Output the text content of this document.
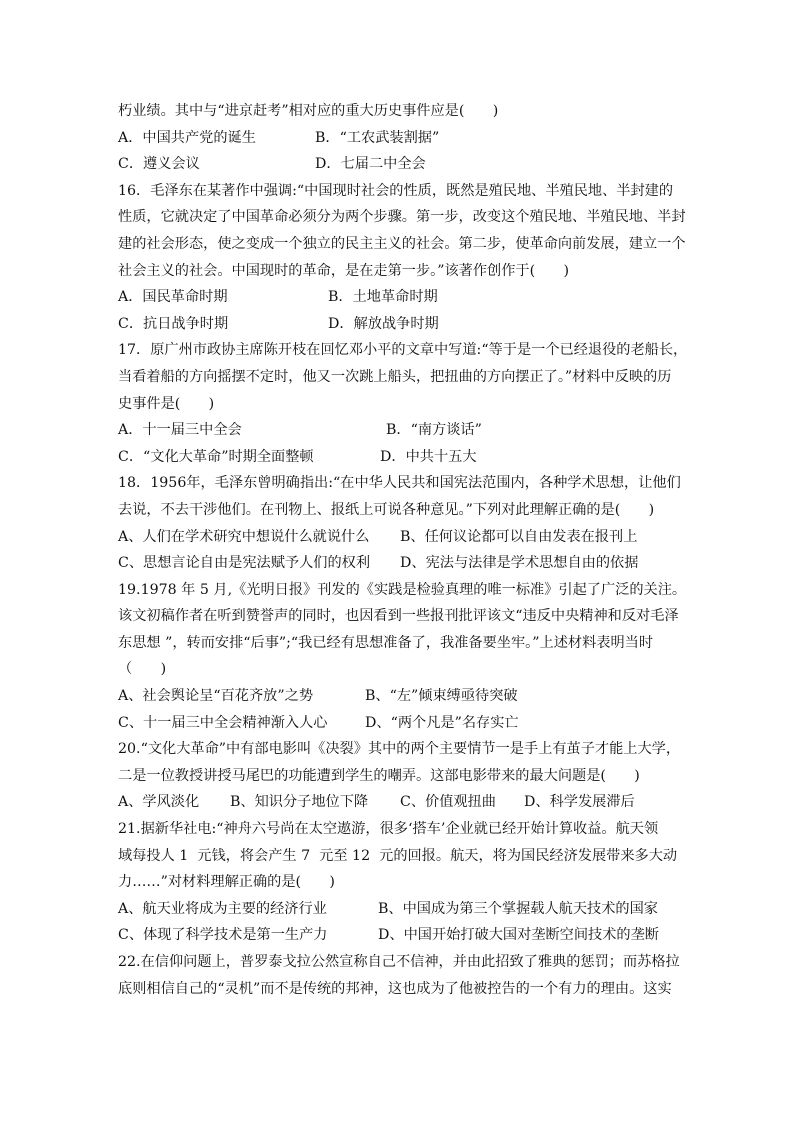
朽业绩。其中与“进京赶考”相对应的重大历史事件应是(　　)

A．中国共产党的诞生

	B．“工农武装割据”

C．遵义会议

	D．七届二中全会

16．毛泽东在某著作中强调:“中国现时社会的性质，既然是殖民地、半殖民地、半封建的
性质，它就决定了中国革命必须分为两个步骤。第一步，改变这个殖民地、半殖民地、半封
建的社会形态，使之变成一个独立的民主主义的社会。第二步，使革命向前发展，建立一个
社会主义的社会。中国现时的革命，是在走第一步。”该著作创作于(　　)

A．国民革命时期

	B．土地革命时期

C．抗日战争时期

	D．解放战争时期

17．原广州市政协主席陈开枝在回忆邓小平的文章中写道:“等于是一个已经退役的老船长，
当看着船的方向摇摆不定时，他又一次跳上船头，把扭曲的方向摆正了。”材料中反映的历
史事件是(　　)

A．十一届三中全会

	B．“南方谈话”

C．“文化大革命”时期全面整顿

	D．中共十五大

18．1956年，毛泽东曾明确指出:“在中华人民共和国宪法范围内，各种学术思想，让他们
去说，不去干涉他们。在刊物上、报纸上可说各种意见。”下列对此理解正确的是(　　)

A、人们在学术研究中想说什么就说什么

B、任何议论都可以自由发表在报刊上

C、思想言论自由是宪法赋予人们的权利

D、宪法与法律是学术思想自由的依据

19.1978 年 5 月,《光明日报》刊发的《实践是检验真理的唯一标准》引起了广泛的关注。
该文初稿作者在听到赞誉声的同时，也因看到一些报刊批评该文“违反中央精神和反对毛泽
东思想 ”，转而安排“后事”;“我已经有思想准备了，我准备要坐牢。”上述材料表明当时
（　　)

A、社会舆论呈“百花齐放”之势

	B、“左”倾束缚亟待突破

C、十一届三中全会精神渐入人心

	D、“两个凡是”名存实亡

20.“文化大革命”中有部电影叫《决裂》其中的两个主要情节一是手上有茧子才能上大学，
二是一位教授讲授马尾巴的功能遭到学生的嘲弄。这部电影带来的最大问题是(　　)

A、学风淡化

B、知识分子地位下降

C、价值观扭曲

D、科学发展滞后

21.据新华社电:“神舟六号尚在太空遨游，很多‘搭车’企业就已经开始计算收益。航天领
域每投人 1  元钱，将会产生 7  元至 12  元的回报。航天，将为国民经济发展带来多大动
力……”对材料理解正确的是(　　)

A、航天业将成为主要的经济行业

	B、中国成为第三个掌握载人航天技术的国家

C、体现了科学技术是第一生产力

	D、中国开始打破大国对垄断空间技术的垄断

22.在信仰问题上，普罗泰戈拉公然宣称自己不信神，并由此招致了雅典的惩罚；而苏格拉
底则相信自己的“灵机”而不是传统的邦神，这也成为了他被控告的一个有力的理由。这实
